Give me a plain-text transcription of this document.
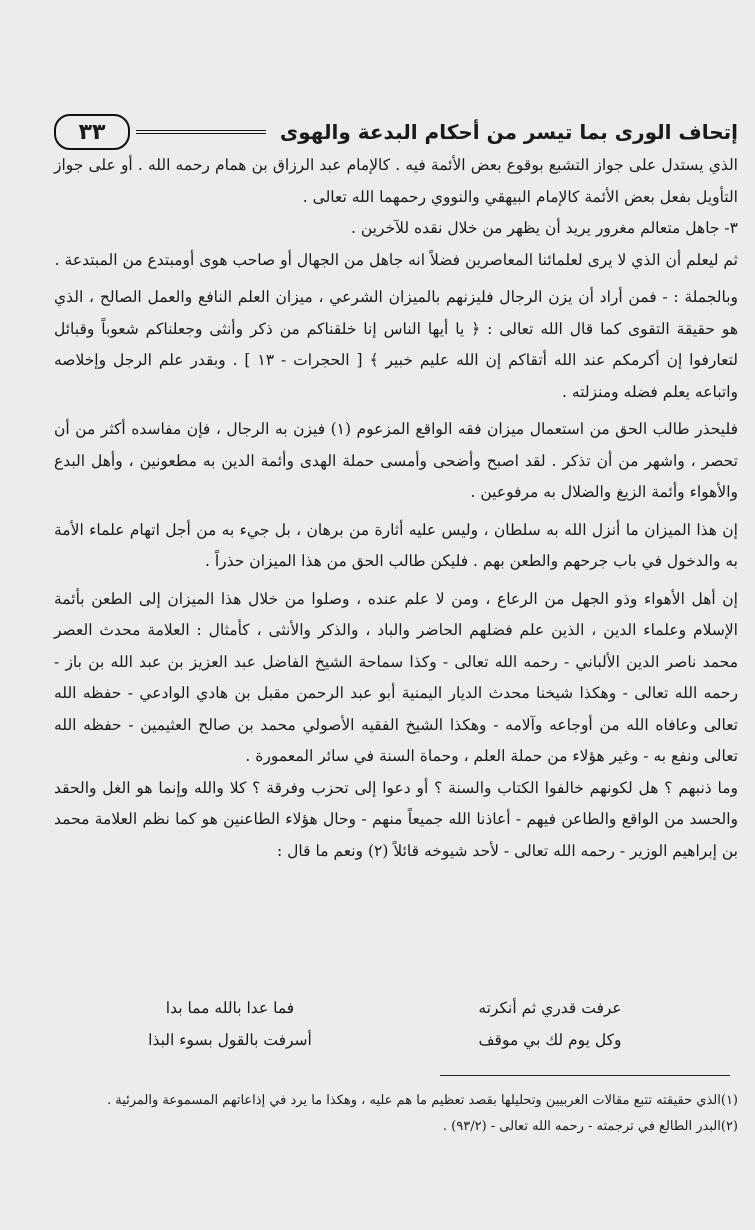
إتحاف الورى بما تيسر من أحكام البدعة والهوى
٣٣

الذي يستدل على جواز التشبع بوقوع بعض الأئمة فيه . كالإمام عبد الرزاق بن همام رحمه الله . أو على جواز التأويل بفعل بعض الأئمة كالإمام البيهقي والنووي رحمهما الله تعالى .

٣- جاهل متعالم مغرور يريد أن يظهر من خلال نقده للآخرين .

ثم ليعلم أن الذي لا يرى لعلمائنا المعاصرين فضلاً انه جاهل من الجهال أو صاحب هوى أومبتدع من المبتدعة .

وبالجملة : - فمن أراد أن يزن الرجال فليزنهم بالميزان الشرعي ، ميزان العلم النافع والعمل الصالح ، الذي هو حقيقة التقوى كما قال الله تعالى : ﴿ يا أيها الناس إنا خلقناكم من ذكر وأنثى وجعلناكم شعوباً وقبائل لتعارفوا إن أكرمكم عند الله أتقاكم إن الله عليم خبير ﴾ [ الحجرات - ١٣ ] . وبقدر علم الرجل وإخلاصه واتباعه يعلم فضله ومنزلته .

فليحذر طالب الحق من استعمال ميزان فقه الواقع المزعوم (١) فيزن به الرجال ، فإن مفاسده أكثر من أن تحصر ، واشهر من أن تذكر . لقد اصبح وأضحى وأمسى حملة الهدى وأئمة الدين به مطعونين ، وأهل البدع والأهواء وأئمة الزيغ والضلال به مرفوعين .

إن هذا الميزان ما أنزل الله به سلطان ، وليس عليه أثارة من برهان ، بل جيء به من أجل اتهام علماء الأمة به والدخول في باب جرحهم والطعن بهم . فليكن طالب الحق من هذا الميزان حذراً .

إن أهل الأهواء وذو الجهل من الرعاع ، ومن لا علم عنده ، وصلوا من خلال هذا الميزان إلى الطعن بأئمة الإسلام وعلماء الدين ، الذين علم فضلهم الحاضر والباد ، والذكر والأنثى ، كأمثال : العلامة محدث العصر محمد ناصر الدين الألباني - رحمه الله تعالى - وكذا سماحة الشيخ الفاضل عبد العزيز بن عبد الله بن باز - رحمه الله تعالى - وهكذا شيخنا محدث الديار اليمنية أبو عبد الرحمن مقبل بن هادي الوادعي - حفظه الله تعالى وعافاه الله من أوجاعه وآلامه - وهكذا الشيخ الفقيه الأصولي محمد بن صالح العثيمين - حفظه الله تعالى ونفع به - وغير هؤلاء من حملة العلم ، وحماة السنة في سائر المعمورة .

وما ذنبهم ؟ هل لكونهم خالفوا الكتاب والسنة ؟ أو دعوا إلى تحزب وفرقة ؟ كلا والله وإنما هو الغل والحقد والحسد من الواقع والطاعن فيهم - أعاذنا الله جميعاً منهم - وحال هؤلاء الطاعنين هو كما نظم العلامة محمد بن إبراهيم الوزير - رحمه الله تعالى - لأحد شيوخه قائلاً (٢) ونعم ما قال :

عرفت قدري ثم أنكرته
فما عدا بالله مما بدا
وكل يوم لك بي موقف
أسرفت بالقول بسوء البذا
(١)الذي حقيقته تتبع مقالات الغربيين وتحليلها بقصد تعظيم ما هم عليه ، وهكذا ما يرد في إذاعاتهم المسموعة والمرئية .
(٢)البدر الطالع في ترجمته - رحمه الله تعالى - (٩٣/٢) .
